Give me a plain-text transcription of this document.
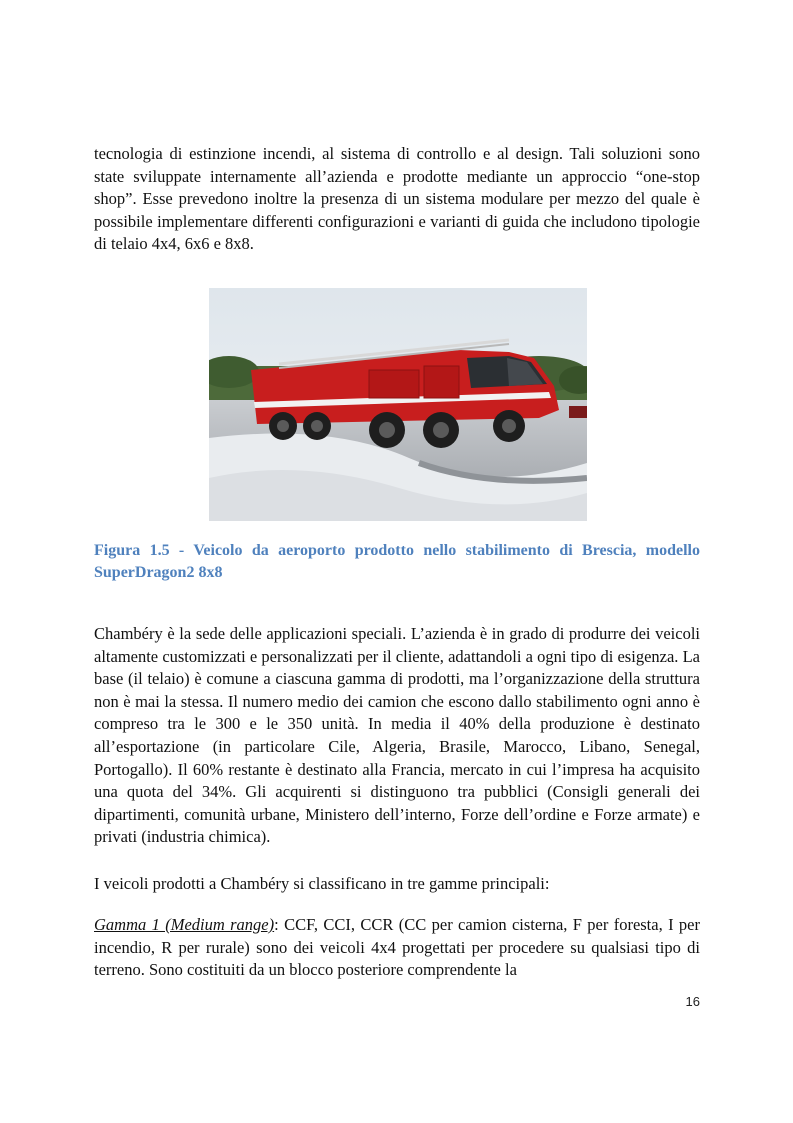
tecnologia di estinzione incendi, al sistema di controllo e al design. Tali soluzioni sono state sviluppate internamente all’azienda e prodotte mediante un approccio “one-stop shop”. Esse prevedono inoltre la presenza di un sistema modulare per mezzo del quale è possibile implementare differenti configurazioni e varianti di guida che includono tipologie di telaio 4x4, 6x6 e 8x8.

Figura 1.5 - Veicolo da aeroporto prodotto nello stabilimento di Brescia, modello SuperDragon2 8x8

Chambéry è la sede delle applicazioni speciali. L’azienda è in grado di produrre dei veicoli altamente customizzati e personalizzati per il cliente, adattandoli a ogni tipo di esigenza. La base (il telaio) è comune a ciascuna gamma di prodotti, ma l’organizzazione della struttura non è mai la stessa. Il numero medio dei camion che escono dallo stabilimento ogni anno è compreso tra le 300 e le 350 unità. In media il 40% della produzione è destinato all’esportazione (in particolare Cile, Algeria, Brasile, Marocco, Libano, Senegal, Portogallo). Il 60% restante è destinato alla Francia, mercato in cui l’impresa ha acquisito una quota del 34%. Gli acquirenti si distinguono tra pubblici (Consigli generali dei dipartimenti, comunità urbane, Ministero dell’interno, Forze dell’ordine e Forze armate) e privati (industria chimica).

I veicoli prodotti a Chambéry si classificano in tre gamme principali:

Gamma 1 (Medium range): CCF, CCI, CCR (CC per camion cisterna, F per foresta, I per incendio, R per rurale) sono dei veicoli 4x4 progettati per procedere su qualsiasi tipo di terreno. Sono costituiti da un blocco posteriore comprendente la

16
